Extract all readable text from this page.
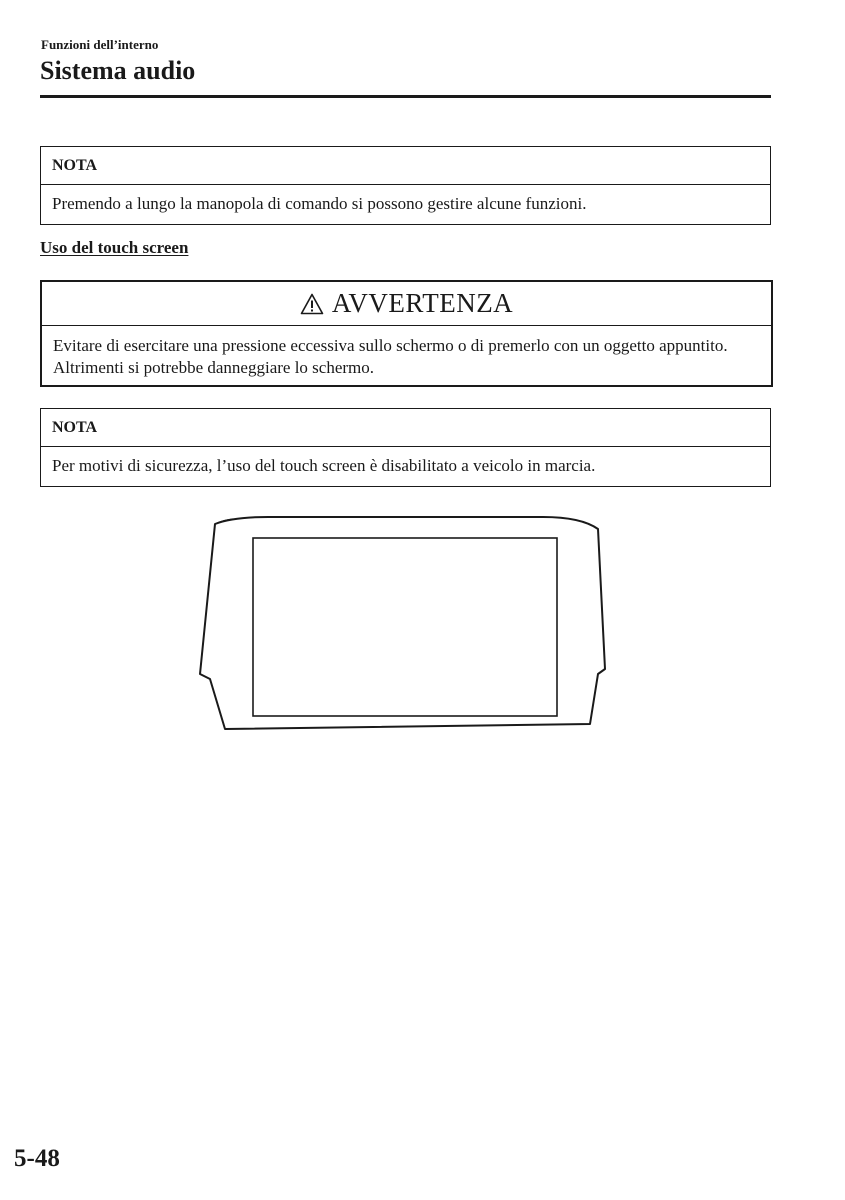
Funzioni dell’interno
Sistema audio
NOTA
Premendo a lungo la manopola di comando si possono gestire alcune funzioni.
Uso del touch screen
AVVERTENZA
Evitare di esercitare una pressione eccessiva sullo schermo o di premerlo con un oggetto appuntito. Altrimenti si potrebbe danneggiare lo schermo.
NOTA
Per motivi di sicurezza, l’uso del touch screen è disabilitato a veicolo in marcia.
5-48
